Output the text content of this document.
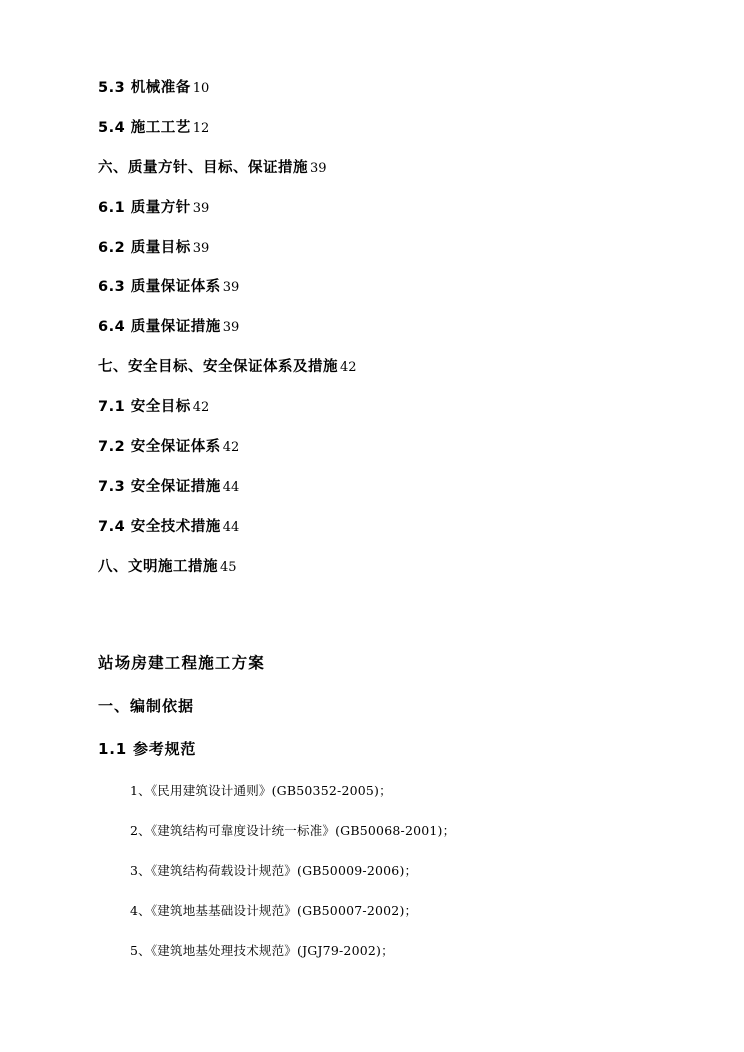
5.3 机械准备 10
5.4 施工工艺 12
六、质量方针、目标、保证措施 39
6.1 质量方针 39
6.2 质量目标 39
6.3 质量保证体系 39
6.4 质量保证措施 39
七、安全目标、安全保证体系及措施 42
7.1 安全目标 42
7.2 安全保证体系 42
7.3 安全保证措施 44
7.4 安全技术措施 44
八、文明施工措施 45
站场房建工程施工方案
一、编制依据
1.1 参考规范
1、《民用建筑设计通则》(GB50352-2005)；
2、《建筑结构可靠度设计统一标准》(GB50068-2001)；
3、《建筑结构荷载设计规范》(GB50009-2006)；
4、《建筑地基基础设计规范》(GB50007-2002)；
5、《建筑地基处理技术规范》(JGJ79-2002)；
